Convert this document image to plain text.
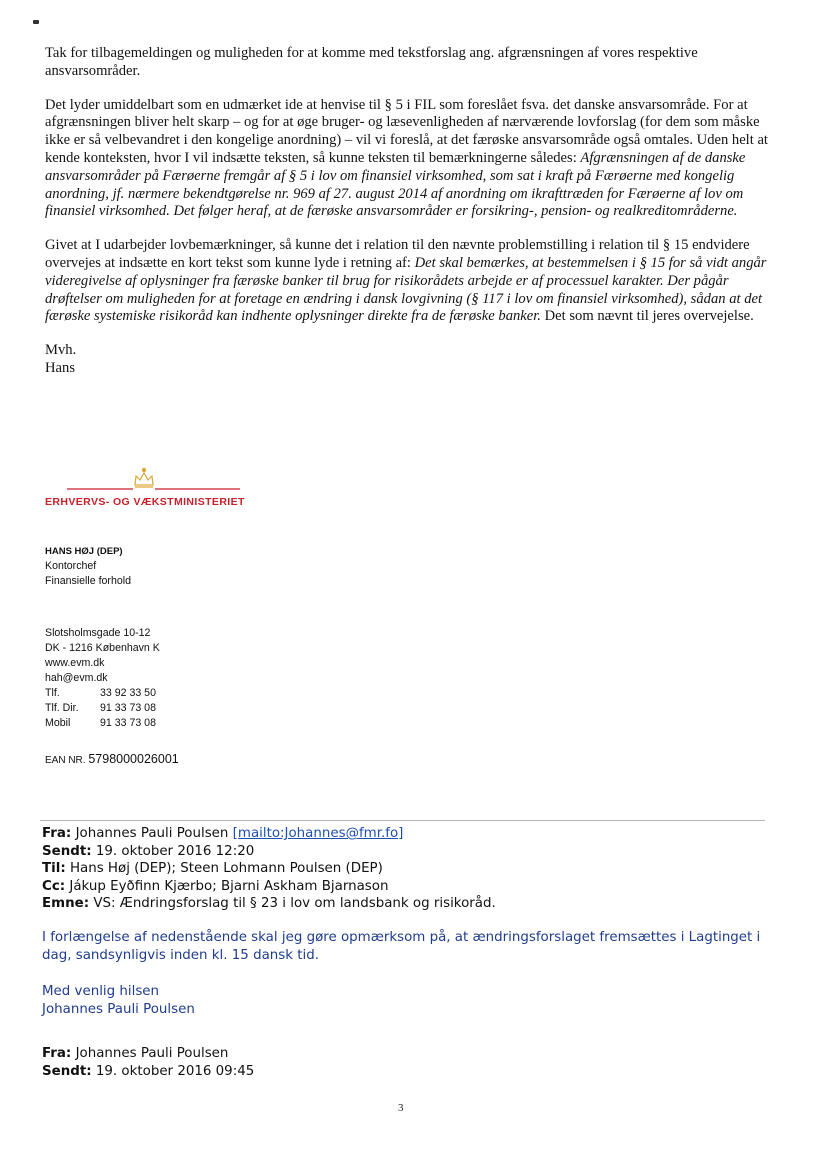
Tak for tilbagemeldingen og muligheden for at komme med tekstforslag ang. afgrænsningen af vores respektive ansvarsområder.

Det lyder umiddelbart som en udmærket ide at henvise til § 5 i FIL som foreslået fsva. det danske ansvarsområde. For at afgrænsningen bliver helt skarp – og for at øge bruger- og læsevenligheden af nærværende lovforslag (for dem som måske ikke er så velbevandret i den kongelige anordning) – vil vi foreslå, at det færøske ansvarsområde også omtales. Uden helt at kende konteksten, hvor I vil indsætte teksten, så kunne teksten til bemærkningerne således: Afgrænsningen af de danske ansvarsområder på Færøerne fremgår af § 5 i lov om finansiel virksomhed, som sat i kraft på Færøerne med kongelig anordning, jf. nærmere bekendtgørelse nr. 969 af 27. august 2014 af anordning om ikrafttræden for Færøerne af lov om finansiel virksomhed. Det følger heraf, at de færøske ansvarsområder er forsikring-, pension- og realkreditområderne.

Givet at I udarbejder lovbemærkninger, så kunne det i relation til den nævnte problemstilling i relation til § 15 endvidere overvejes at indsætte en kort tekst som kunne lyde i retning af: Det skal bemærkes, at bestemmelsen i § 15 for så vidt angår videregivelse af oplysninger fra færøske banker til brug for risikorådets arbejde er af processuel karakter. Der pågår drøftelser om muligheden for at foretage en ændring i dansk lovgivning (§ 117 i lov om finansiel virksomhed), sådan at det færøske systemiske risikoråd kan indhente oplysninger direkte fra de færøske banker. Det som nævnt til jeres overvejelse.

Mvh.
Hans
ERHVERVS- OG VÆKSTMINISTERIET
HANS HØJ (DEP)
Kontorchef
Finansielle forhold
Slotsholmsgade 10-12
DK - 1216 København K
www.evm.dk
hah@evm.dk
Tlf.	33 92 33 50
Tlf. Dir.	91 33 73 08
Mobil	91 33 73 08
EAN NR. 5798000026001
Fra: Johannes Pauli Poulsen [mailto:Johannes@fmr.fo]
Sendt: 19. oktober 2016 12:20
Til: Hans Høj (DEP); Steen Lohmann Poulsen (DEP)
Cc: Jákup Eyðfinn Kjærbo; Bjarni Askham Bjarnason
Emne: VS: Ændringsforslag til § 23 i lov om landsbank og risikoråd.
I forlængelse af nedenstående skal jeg gøre opmærksom på, at ændringsforslaget fremsættes i Lagtinget i dag, sandsynligvis inden kl. 15 dansk tid.
Med venlig hilsen
Johannes Pauli Poulsen
Fra: Johannes Pauli Poulsen
Sendt: 19. oktober 2016 09:45
3
